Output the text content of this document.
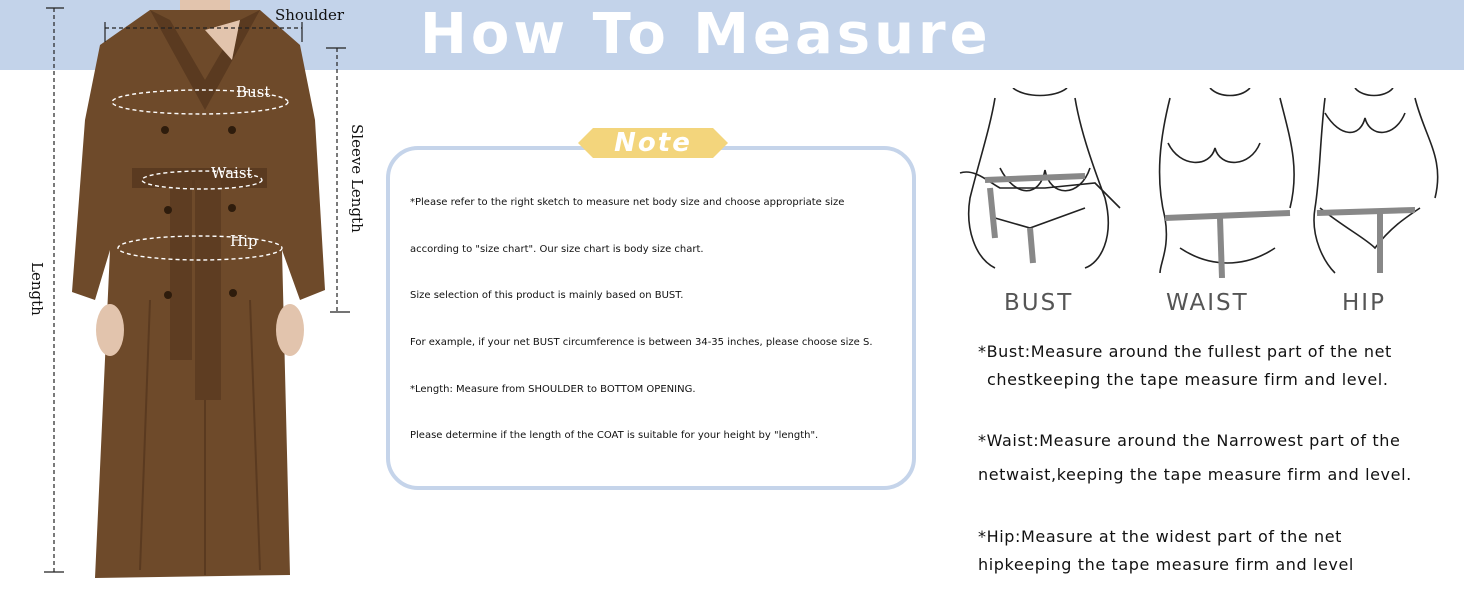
How To Measure
Shoulder
Bust
Waist
Hip
Length
Sleeve Length	Note
*Please refer to the right sketch to measure net body size and choose appropriate size
according to "size chart". Our size chart is body size chart.
Size selection of this product is mainly based on BUST.
For example, if your net BUST circumference is between 34-35 inches, please choose size S.
*Length: Measure from SHOULDER to BOTTOM OPENING.
Please determine if the length of the COAT is suitable for your height by "length".
BUST	WAIST	HIP
*Bust:Measure around the fullest part of the net
chestkeeping the tape measure firm and level.
*Waist:Measure around the Narrowest part of the
netwaist,keeping the tape measure firm and level.
*Hip:Measure at the widest part of the net
hipkeeping the tape measure firm and level
